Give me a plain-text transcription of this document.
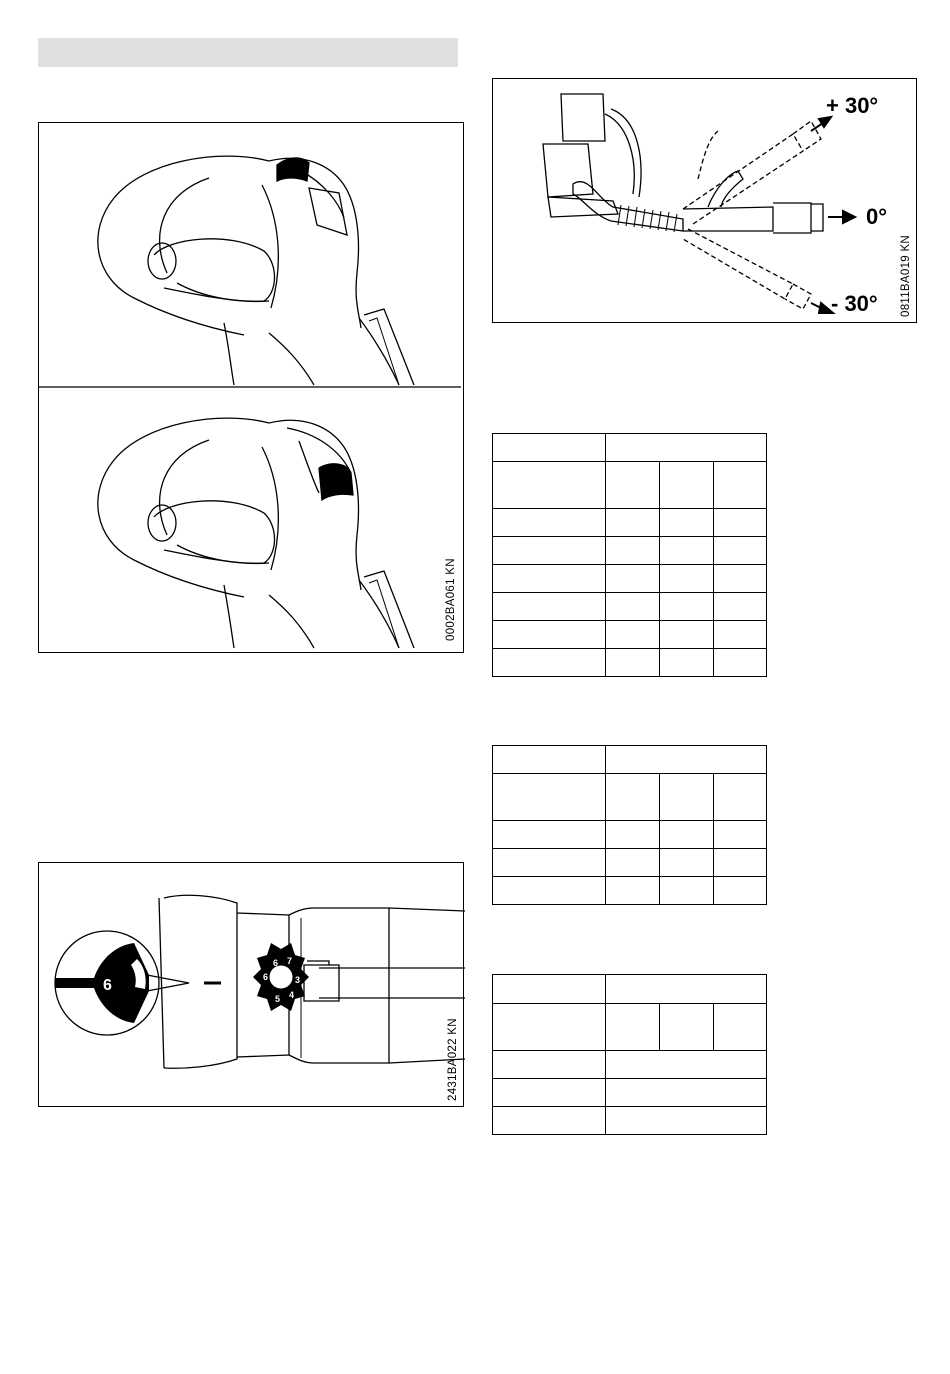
0002BA061 KN
+ 30°
0°
- 30° 0811BA019 KN
6	3
4
5
6 7
6
2431BA022 KN
